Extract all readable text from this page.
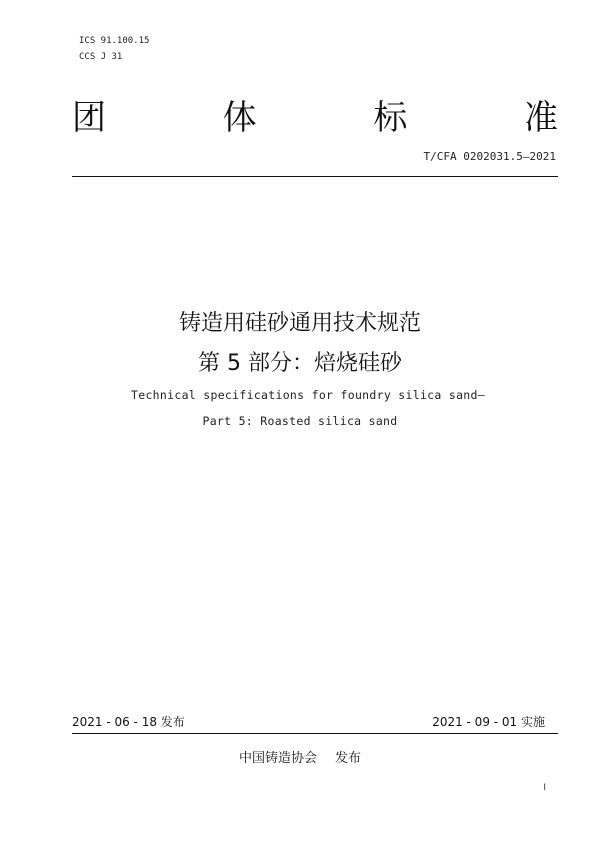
ICS 91.100.15
CCS J 31
团	体	标	准
T/CFA 0202031.5—2021
铸造用硅砂通用技术规范
第 5 部分：焙烧硅砂
Technical specifications for foundry silica sand—
Part 5: Roasted silica sand
2021 - 06 - 18 发布	2021 - 09 - 01 实施
中国铸造协会 发布
I
